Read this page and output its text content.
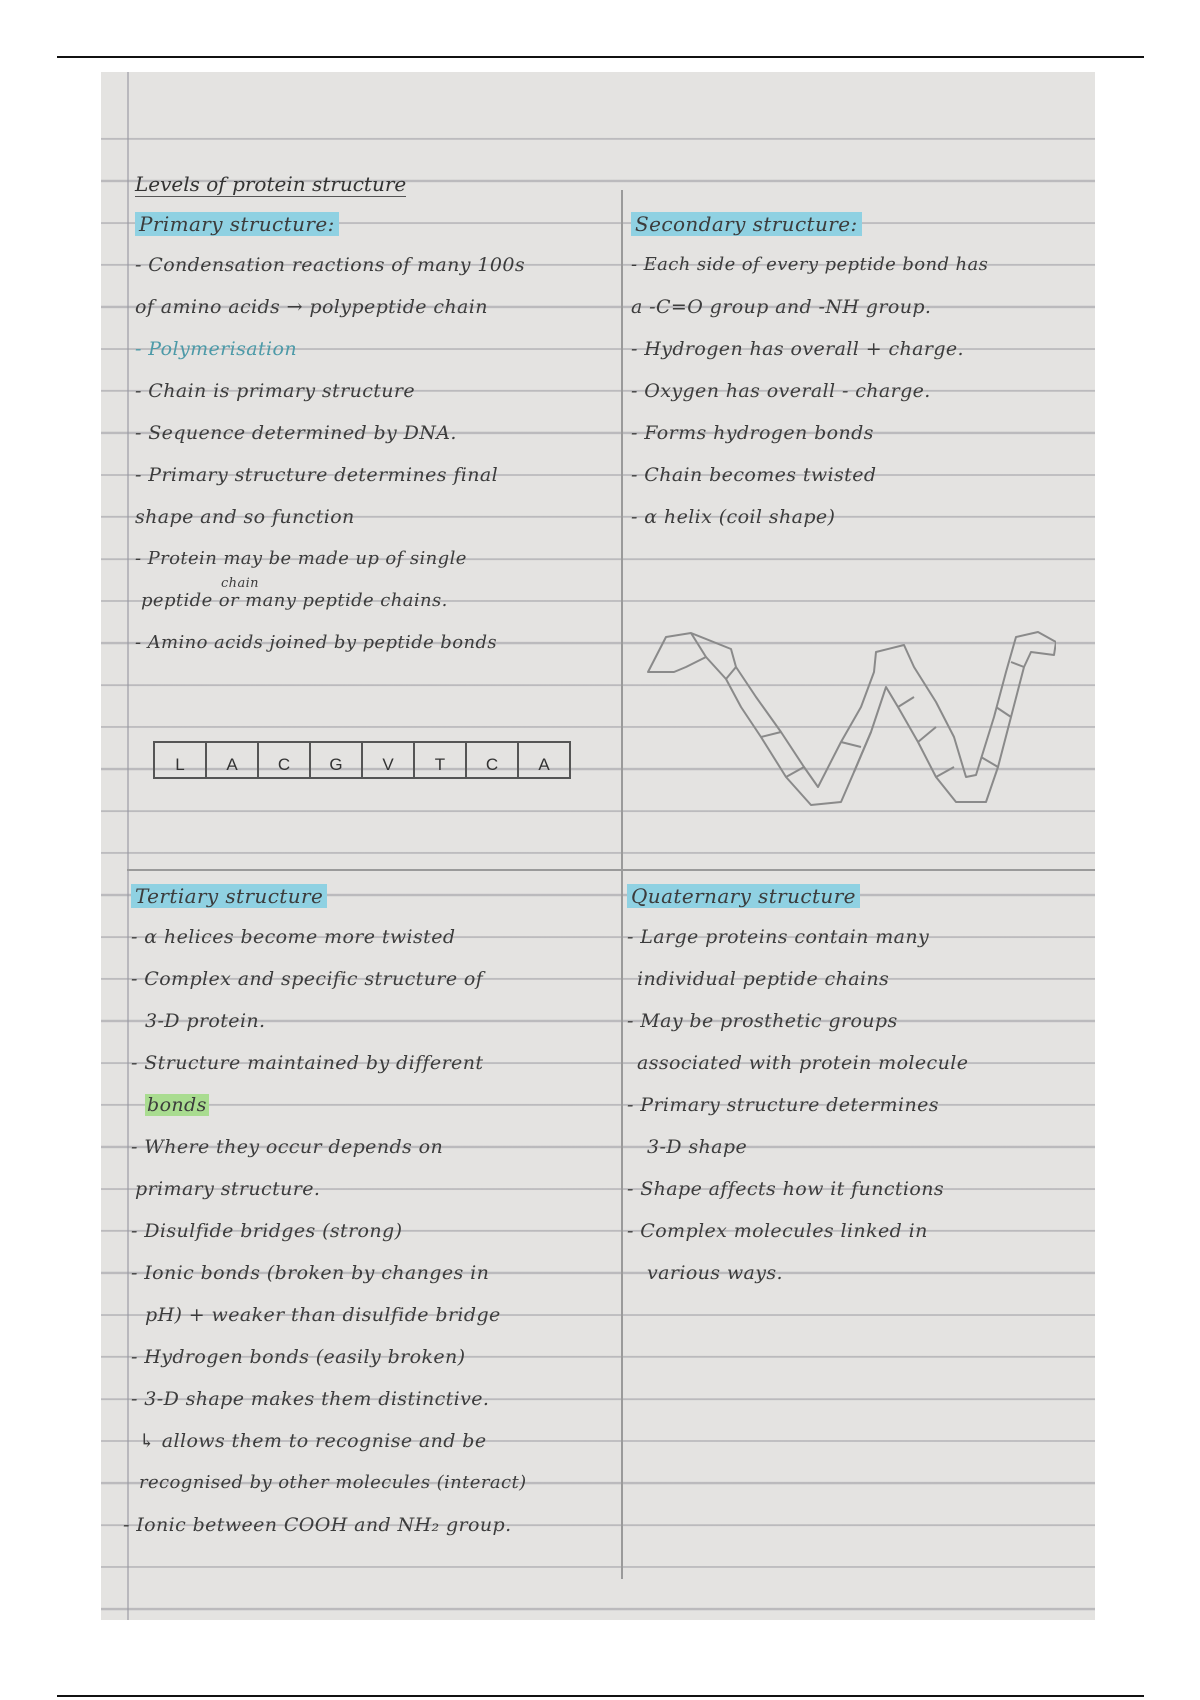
Levels of protein structure
Primary structure:
- Condensation reactions of many 100s
of amino acids → polypeptide chain
- Polymerisation
- Chain is primary structure
- Sequence determined by DNA.
- Primary structure determines final
shape and so function
- Protein may be made up of single
chain
peptide or many peptide chains.
- Amino acids joined by peptide bonds
L	A	C	G	V	T	C	A
Secondary structure:
- Each side of every peptide bond has
a -C=O group and -NH group.
- Hydrogen has overall + charge.
- Oxygen has overall - charge.
- Forms hydrogen bonds
- Chain becomes twisted
- α helix (coil shape)
Tertiary structure
- α helices become more twisted
- Complex and specific structure of
3-D protein.
- Structure maintained by different
bonds
- Where they occur depends on
primary structure.
- Disulfide bridges (strong)
- Ionic bonds (broken by changes in
pH) + weaker than disulfide bridge
- Hydrogen bonds (easily broken)
- 3-D shape makes them distinctive.
↳ allows them to recognise and be
recognised by other molecules (interact)
- Ionic between COOH and NH₂ group.
Quaternary structure
- Large proteins contain many
individual peptide chains
- May be prosthetic groups
associated with protein molecule
- Primary structure determines
3-D shape
- Shape affects how it functions
- Complex molecules linked in
various ways.
